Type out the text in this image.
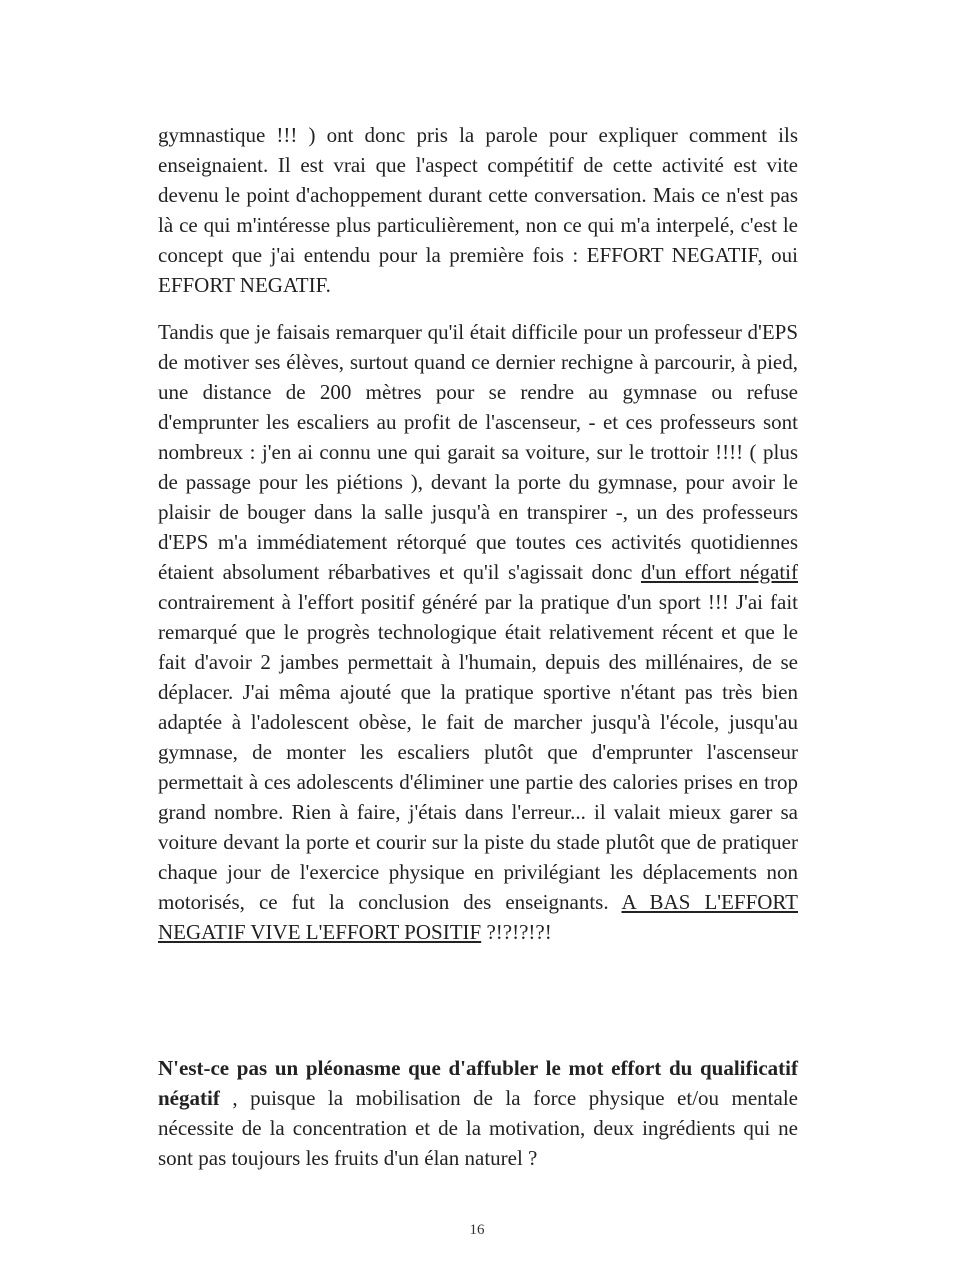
gymnastique !!! ) ont donc pris la parole pour expliquer comment ils enseignaient. Il est vrai que l'aspect compétitif de cette activité est vite devenu le point d'achoppement durant cette conversation. Mais ce n'est pas là ce qui m'intéresse plus particulièrement, non ce qui m'a interpelé, c'est le concept que j'ai entendu pour la première fois : EFFORT NEGATIF, oui EFFORT NEGATIF.

Tandis que je faisais remarquer qu'il était difficile pour un professeur d'EPS de motiver ses élèves, surtout quand ce dernier rechigne à parcourir, à pied, une distance de 200 mètres pour se rendre au gymnase ou refuse d'emprunter les escaliers au profit de l'ascenseur, - et ces professeurs sont nombreux : j'en ai connu une qui garait sa voiture, sur le trottoir !!!! ( plus de passage pour les piétions ), devant la porte du gymnase, pour avoir le plaisir de bouger dans la salle jusqu'à en transpirer -, un des professeurs d'EPS m'a immédiatement rétorqué que toutes ces activités quotidiennes étaient absolument rébarbatives et qu'il s'agissait donc d'un effort négatif contrairement à l'effort positif généré par la pratique d'un sport !!! J'ai fait remarqué que le progrès technologique était relativement récent et que le fait d'avoir 2 jambes permettait à l'humain, depuis des millénaires, de se déplacer. J'ai mêma ajouté que la pratique sportive n'étant pas très bien adaptée à l'adolescent obèse, le fait de marcher jusqu'à l'école, jusqu'au gymnase, de monter les escaliers plutôt que d'emprunter l'ascenseur permettait à ces adolescents d'éliminer une partie des calories prises en trop grand nombre. Rien à faire, j'étais dans l'erreur... il valait mieux garer sa voiture devant la porte et courir sur la piste du stade plutôt que de pratiquer chaque jour de l'exercice physique en privilégiant les déplacements non motorisés, ce fut la conclusion des enseignants. A BAS L'EFFORT NEGATIF VIVE L'EFFORT POSITIF ?!?!?!?!

N'est-ce pas un pléonasme que d'affubler le mot effort du qualificatif négatif , puisque la mobilisation de la force physique et/ou mentale nécessite de la concentration et de la motivation, deux ingrédients qui ne sont pas toujours les fruits d'un élan naturel ?

16
